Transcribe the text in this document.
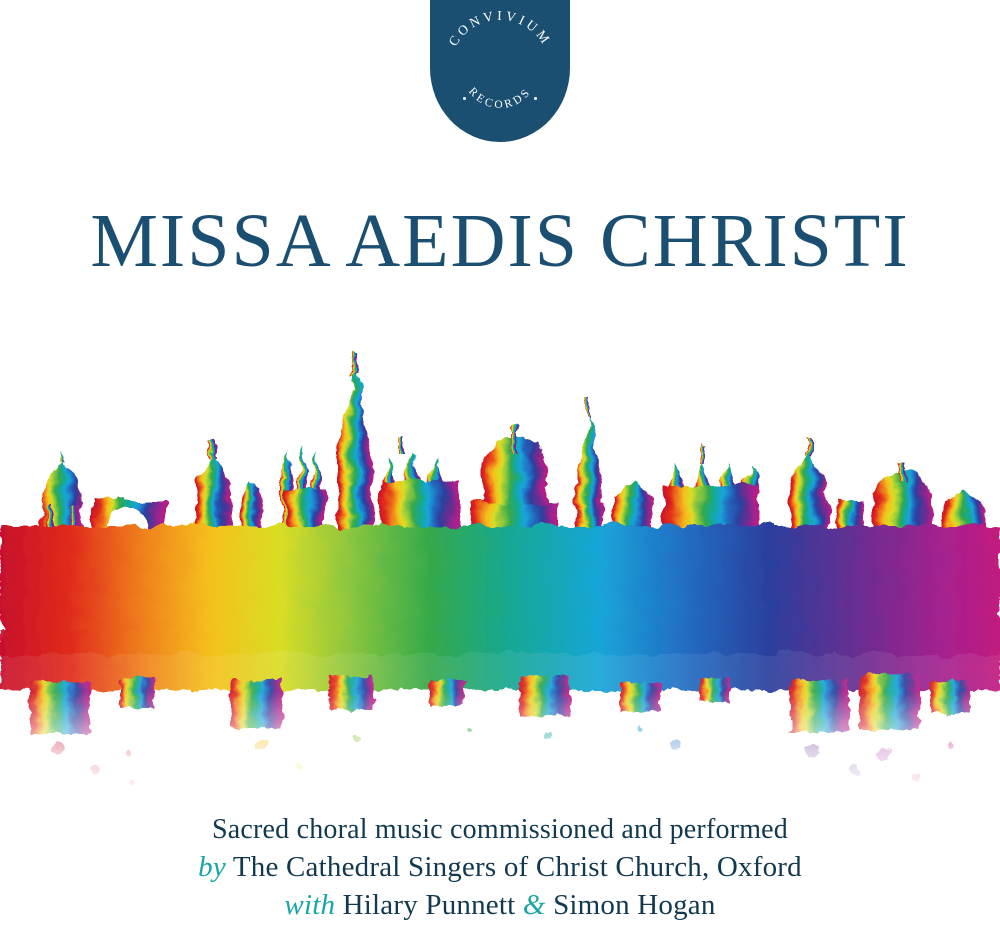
CONVIVIUM
RECORDS
MISSA AEDIS CHRISTI
Sacred choral music commissioned and performed
by The Cathedral Singers of Christ Church, Oxford
with Hilary Punnett & Simon Hogan
